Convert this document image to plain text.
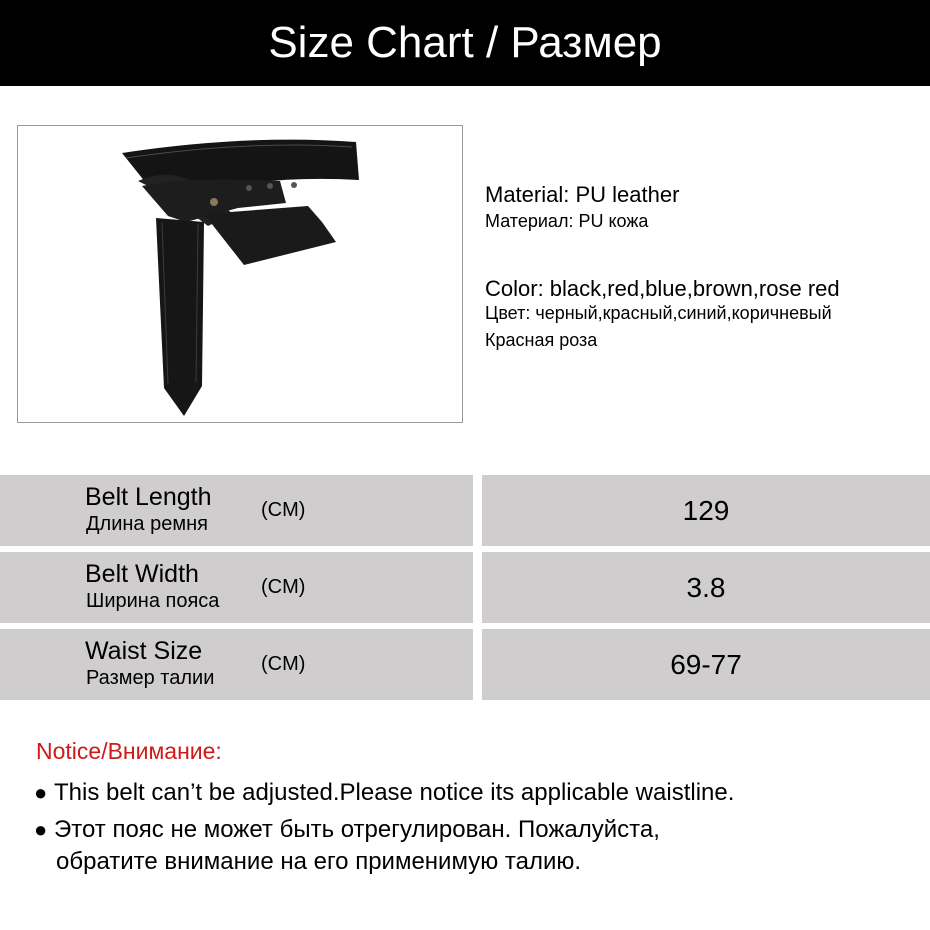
Size Chart / Размер
Material: PU leather
Материал: PU кожа
Color: black,red,blue,brown,rose red
Цвет: черный,красный,синий,коричневый
Красная роза
Belt Length
Длина ремня
(CM)	129
Belt Width
Ширина пояса
(CM)	3.8
Waist Size
Размер талии
(CM)	69-77
Notice/Внимание:
● This belt can’t be adjusted.Please notice its applicable waistline.
● Этот пояс не может быть отрегулирован. Пожалуйста,
обратите внимание на его применимую талию.
